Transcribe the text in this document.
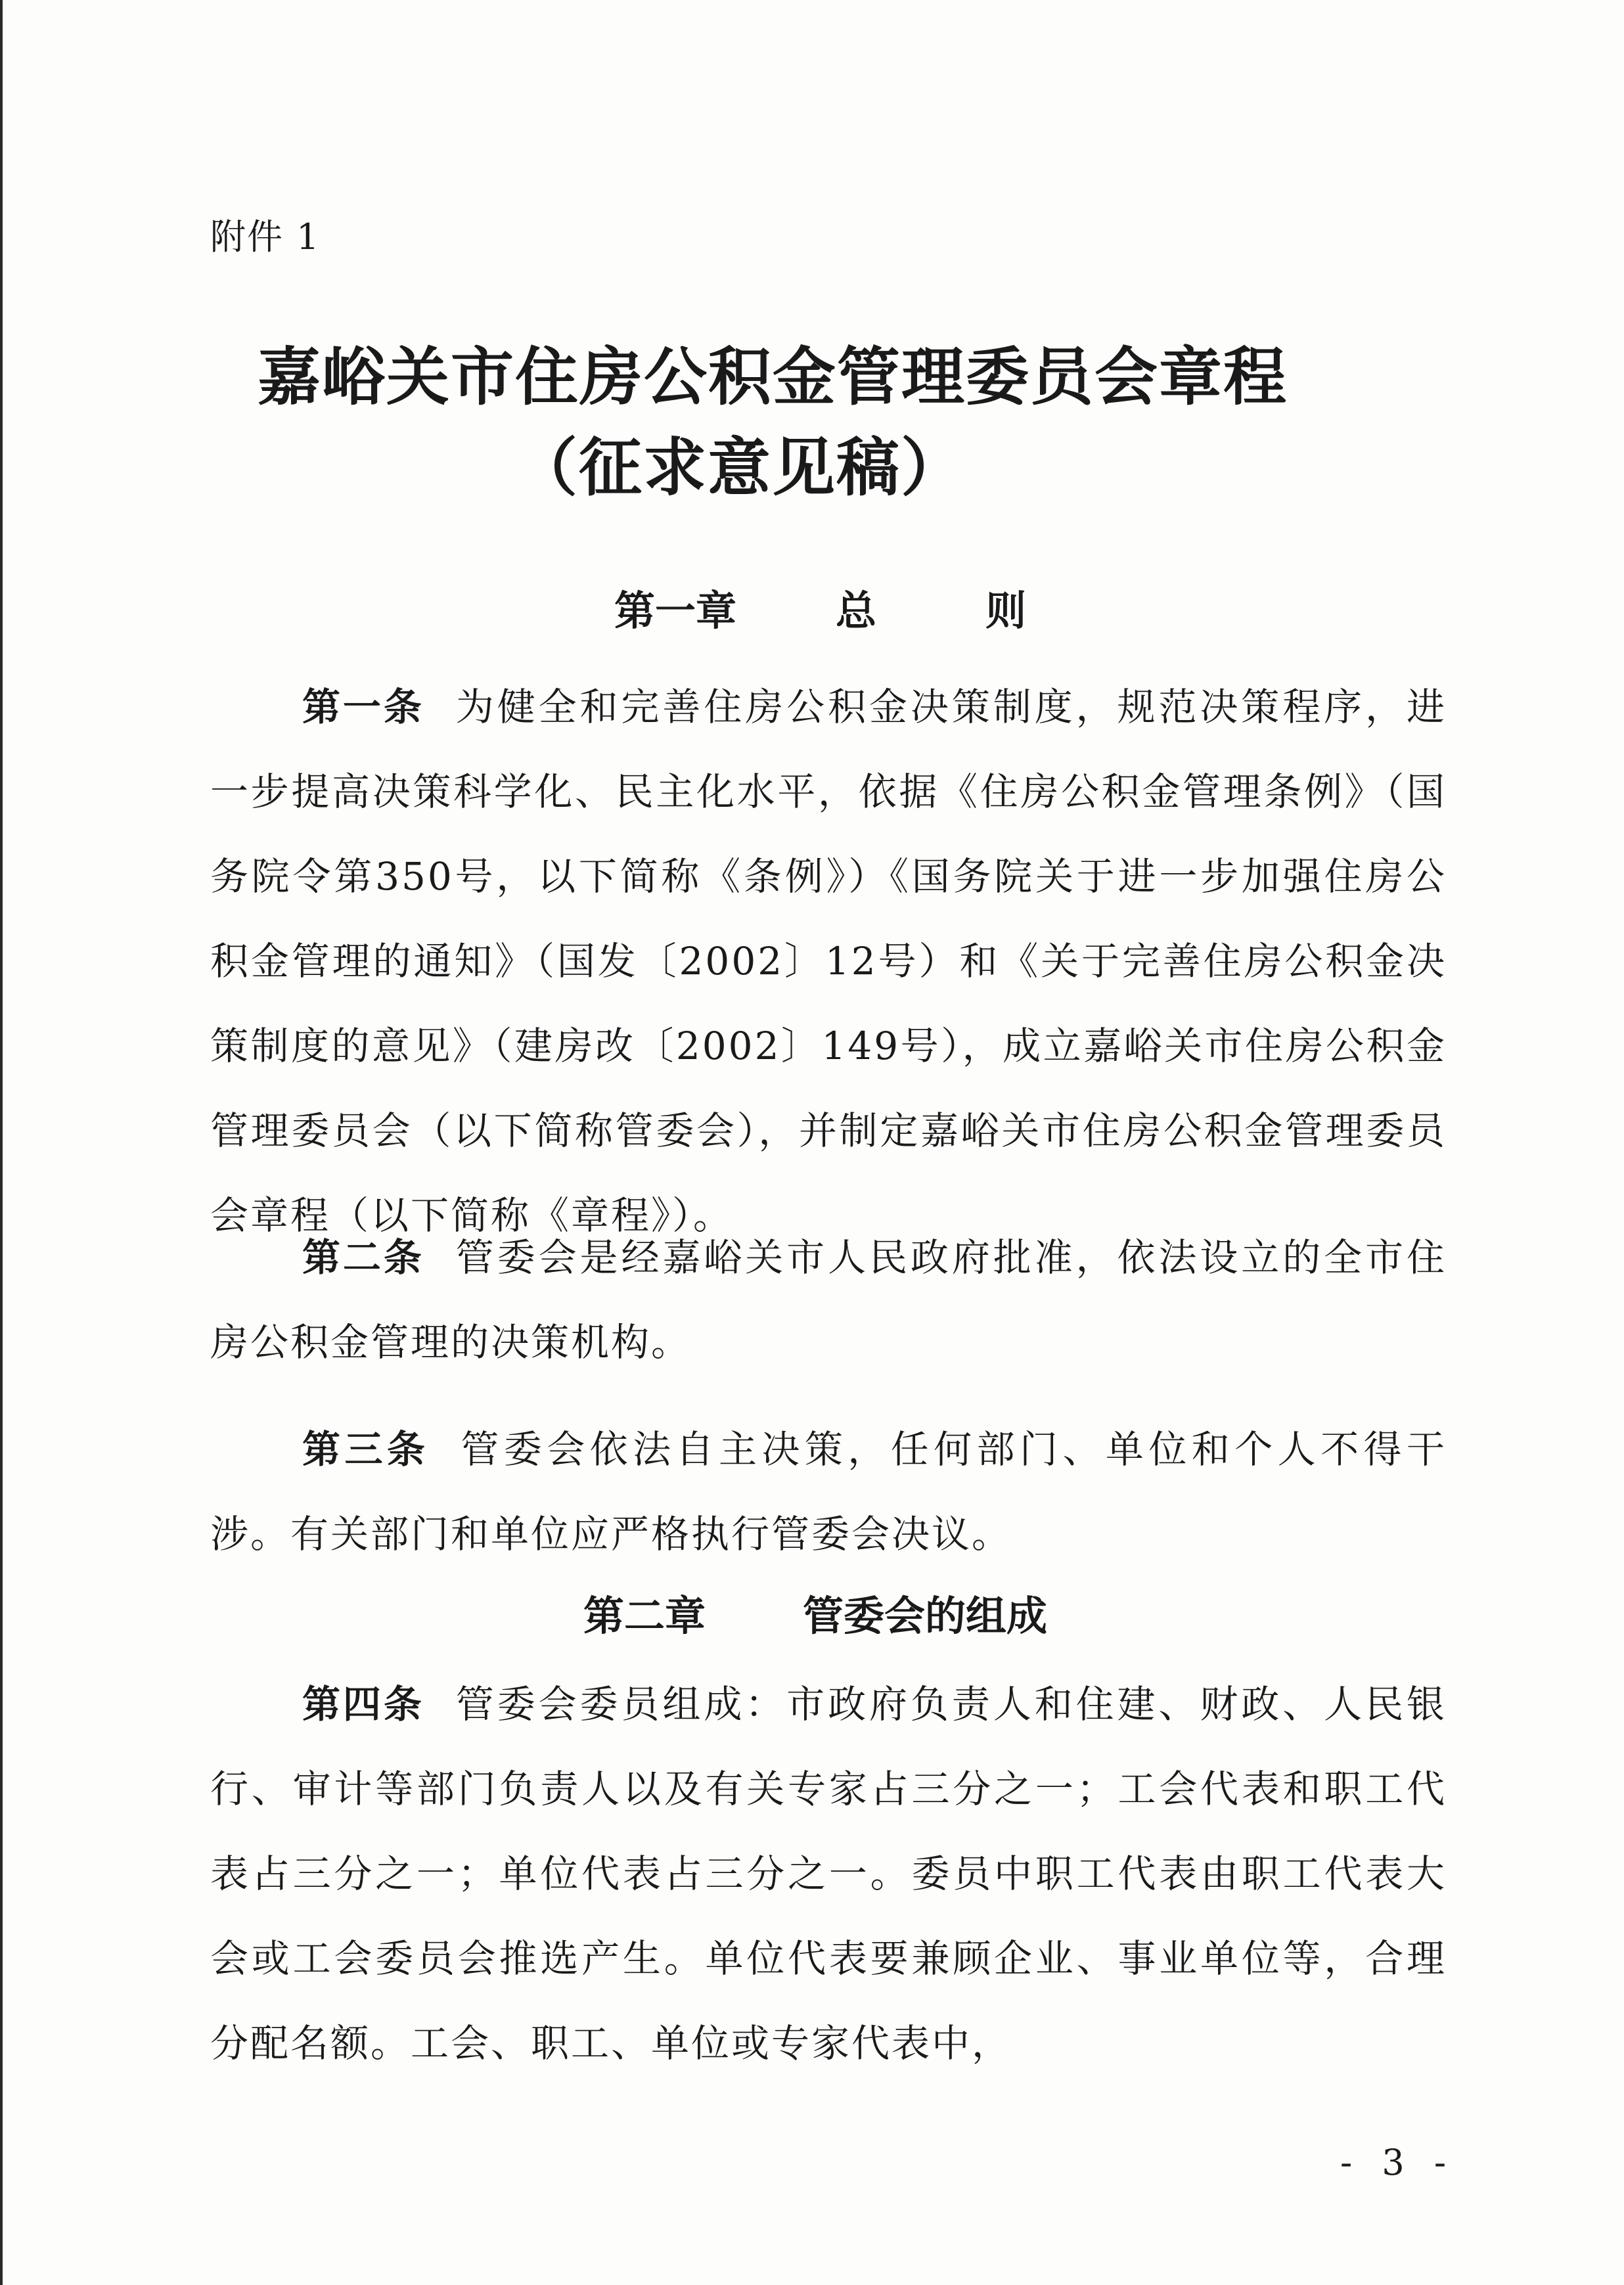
附件 1
嘉峪关市住房公积金管理委员会章程
（征求意见稿）
第一章 总	则
第一条 为健全和完善住房公积金决策制度，规范决策程序，进一步提高决策科学化、民主化水平，依据《住房公积金管理条例》（国务院令第350号，以下简称《条例》）《国务院关于进一步加强住房公积金管理的通知》（国发〔2002〕12号）和《关于完善住房公积金决策制度的意见》（建房改〔2002〕149号），成立嘉峪关市住房公积金管理委员会（以下简称管委会），并制定嘉峪关市住房公积金管理委员会章程（以下简称《章程》）。
第二条 管委会是经嘉峪关市人民政府批准，依法设立的全市住房公积金管理的决策机构。
第三条 管委会依法自主决策，任何部门、单位和个人不得干涉。有关部门和单位应严格执行管委会决议。
第二章 管委会的组成
第四条 管委会委员组成：市政府负责人和住建、财政、人民银行、审计等部门负责人以及有关专家占三分之一；工会代表和职工代表占三分之一；单位代表占三分之一。委员中职工代表由职工代表大会或工会委员会推选产生。单位代表要兼顾企业、事业单位等，合理分配名额。工会、职工、单位或专家代表中，
- 3 -
